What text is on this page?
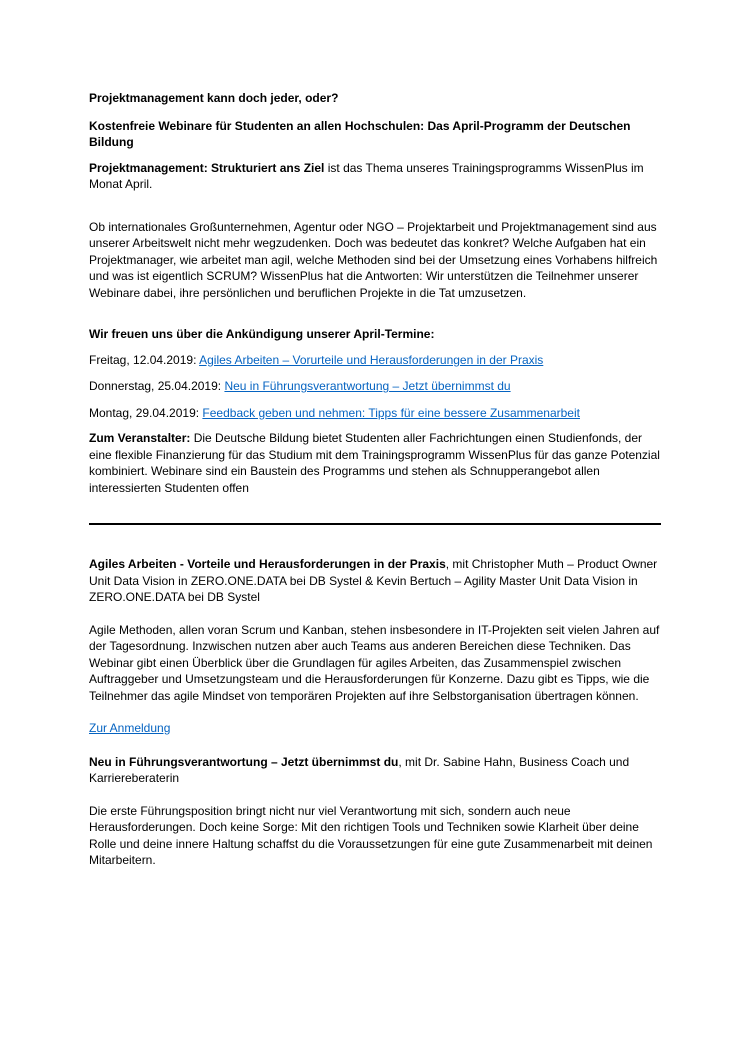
Projektmanagement kann doch jeder, oder?

Kostenfreie Webinare für Studenten an allen Hochschulen: Das April-Programm der Deutschen Bildung

Projektmanagement: Strukturiert ans Ziel ist das Thema unseres Trainingsprogramms WissenPlus im Monat April.

Ob internationales Großunternehmen, Agentur oder NGO – Projektarbeit und Projektmanagement sind aus unserer Arbeitswelt nicht mehr wegzudenken. Doch was bedeutet das konkret? Welche Aufgaben hat ein Projektmanager, wie arbeitet man agil, welche Methoden sind bei der Umsetzung eines Vorhabens hilfreich und was ist eigentlich SCRUM? WissenPlus hat die Antworten: Wir unterstützen die Teilnehmer unserer Webinare dabei, ihre persönlichen und beruflichen Projekte in die Tat umzusetzen.

Wir freuen uns über die Ankündigung unserer April-Termine:

Freitag, 12.04.2019: Agiles Arbeiten – Vorurteile und Herausforderungen in der Praxis

Donnerstag, 25.04.2019: Neu in Führungsverantwortung – Jetzt übernimmst du

Montag, 29.04.2019: Feedback geben und nehmen: Tipps für eine bessere Zusammenarbeit

Zum Veranstalter: Die Deutsche Bildung bietet Studenten aller Fachrichtungen einen Studienfonds, der eine flexible Finanzierung für das Studium mit dem Trainingsprogramm WissenPlus für das ganze Potenzial kombiniert. Webinare sind ein Baustein des Programms und stehen als Schnupperangebot allen interessierten Studenten offen

Agiles Arbeiten - Vorteile und Herausforderungen in der Praxis, mit Christopher Muth – Product Owner Unit Data Vision in ZERO.ONE.DATA bei DB Systel & Kevin Bertuch – Agility Master Unit Data Vision in ZERO.ONE.DATA bei DB Systel

Agile Methoden, allen voran Scrum und Kanban, stehen insbesondere in IT-Projekten seit vielen Jahren auf der Tagesordnung. Inzwischen nutzen aber auch Teams aus anderen Bereichen diese Techniken. Das Webinar gibt einen Überblick über die Grundlagen für agiles Arbeiten, das Zusammenspiel zwischen Auftraggeber und Umsetzungsteam und die Herausforderungen für Konzerne. Dazu gibt es Tipps, wie die Teilnehmer das agile Mindset von temporären Projekten auf ihre Selbstorganisation übertragen können.

Zur Anmeldung

Neu in Führungsverantwortung – Jetzt übernimmst du, mit Dr. Sabine Hahn, Business Coach und Karriereberaterin

Die erste Führungsposition bringt nicht nur viel Verantwortung mit sich, sondern auch neue Herausforderungen. Doch keine Sorge: Mit den richtigen Tools und Techniken sowie Klarheit über deine Rolle und deine innere Haltung schaffst du die Voraussetzungen für eine gute Zusammenarbeit mit deinen Mitarbeitern.
